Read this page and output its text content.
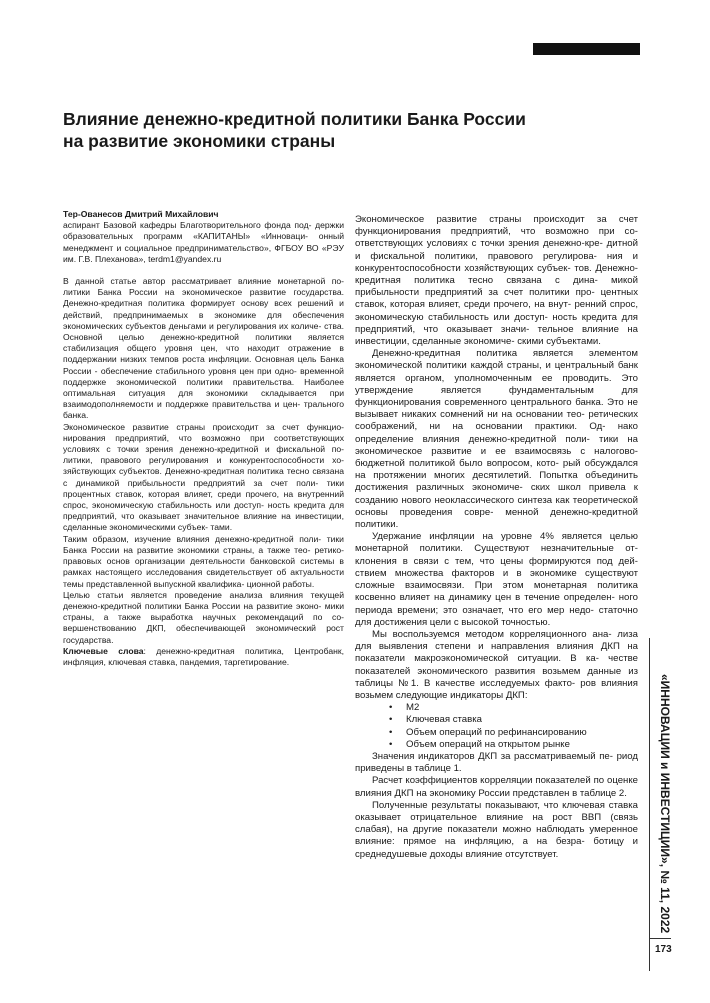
Влияние денежно-кредитной политики Банка России
на развитие экономики страны

Тер-Ованесов Дмитрий Михайлович

аспирант Базовой кафедры Благотворительного фонда под- держки образовательных программ «КАПИТАНЫ» «Инноваци- онный менеджмент и социальное предпринимательство», ФГБОУ ВО «РЭУ им. Г.В. Плеханова», terdm1@yandex.ru

В данной статье автор рассматривает влияние монетарной по- литики Банка России на экономическое развитие государства. Денежно-кредитная политика формирует основу всех решений и действий, предпринимаемых в экономике для обеспечения экономических субъектов деньгами и регулирования их количе- ства. Основной целью денежно-кредитной политики является стабилизация общего уровня цен, что находит отражение в поддержании низких темпов роста инфляции. Основная цель Банка России - обеспечение стабильного уровня цен при одно- временной поддержке экономической политики правительства. Наиболее оптимальная ситуация для экономики складывается при взаимодополняемости и поддержке правительства и цен- трального банка.

Экономическое развитие страны происходит за счет функцио- нирования предприятий, что возможно при соответствующих условиях с точки зрения денежно-кредитной и фискальной по- литики, правового регулирования и конкурентоспособности хо- зяйствующих субъектов. Денежно-кредитная политика тесно связана с динамикой прибыльности предприятий за счет поли- тики процентных ставок, которая влияет, среди прочего, на внутренний спрос, экономическую стабильность или доступ- ность кредита для предприятий, что оказывает значительное влияние на инвестиции, сделанные экономическими субъек- тами.

Таким образом, изучение влияния денежно-кредитной поли- тики Банка России на развитие экономики страны, а также тео- ретико-правовых основ организации деятельности банковской системы в рамках настоящего исследования свидетельствует об актуальности темы представленной выпускной квалифика- ционной работы.

Целью статьи является проведение анализа влияния текущей денежно-кредитной политики Банка России на развитие эконо- мики страны, а также выработка научных рекомендаций по со- вершенствованию ДКП, обеспечивающей экономический рост государства.

Ключевые слова: денежно-кредитная политика, Центробанк, инфляция, ключевая ставка, пандемия, таргетирование.

Экономическое развитие страны происходит за счет функционирования предприятий, что возможно при со- ответствующих условиях с точки зрения денежно-кре- дитной и фискальной политики, правового регулирова- ния и конкурентоспособности хозяйствующих субъек- тов. Денежно-кредитная политика тесно связана с дина- микой прибыльности предприятий за счет политики про- центных ставок, которая влияет, среди прочего, на внут- ренний спрос, экономическую стабильность или доступ- ность кредита для предприятий, что оказывает значи- тельное влияние на инвестиции, сделанные экономиче- скими субъектами.

Денежно-кредитная политика является элементом экономической политики каждой страны, и центральный банк является органом, уполномоченным ее проводить. Это утверждение является фундаментальным для функционирования современного центрального банка. Это не вызывает никаких сомнений ни на основании тео- ретических соображений, ни на основании практики. Од- нако определение влияния денежно-кредитной поли- тики на экономическое развитие и ее взаимосвязь с налогово-бюджетной политикой было вопросом, кото- рый обсуждался на протяжении многих десятилетий. Попытка объединить достижения различных экономиче- ских школ привела к созданию нового неоклассического синтеза как теоретической основы проведения совре- менной денежно-кредитной политики.

Удержание инфляции на уровне 4% является целью монетарной политики. Существуют незначительные от- клонения в связи с тем, что цены формируются под дей- ствием множества факторов и в экономике существуют сложные взаимосвязи. При этом монетарная политика косвенно влияет на динамику цен в течение определен- ного периода времени; это означает, что его мер недо- статочно для достижения цели с высокой точностью.

Мы воспользуемся методом корреляционного ана- лиза для выявления степени и направления влияния ДКП на показатели макроэкономической ситуации. В ка- честве показателей экономического развития возьмем данные из таблицы №1. В качестве исследуемых факто- ров влияния возьмем следующие индикаторы ДКП:

• М2
• Ключевая ставка
• Объем операций по рефинансированию
• Объем операций на открытом рынке

Значения индикаторов ДКП за рассматриваемый пе- риод приведены в таблице 1.

Расчет коэффициентов корреляции показателей по оценке влияния ДКП на экономику России представлен в таблице 2.

Полученные результаты показывают, что ключевая ставка оказывает отрицательное влияние на рост ВВП (связь слабая), на другие показатели можно наблюдать умеренное влияние: прямое на инфляцию, а на безра- ботицу и среднедушевые доходы влияние отсутствует.	«ИННОВАЦИИ и ИНВЕСТИЦИИ», № 11, 2022
173
